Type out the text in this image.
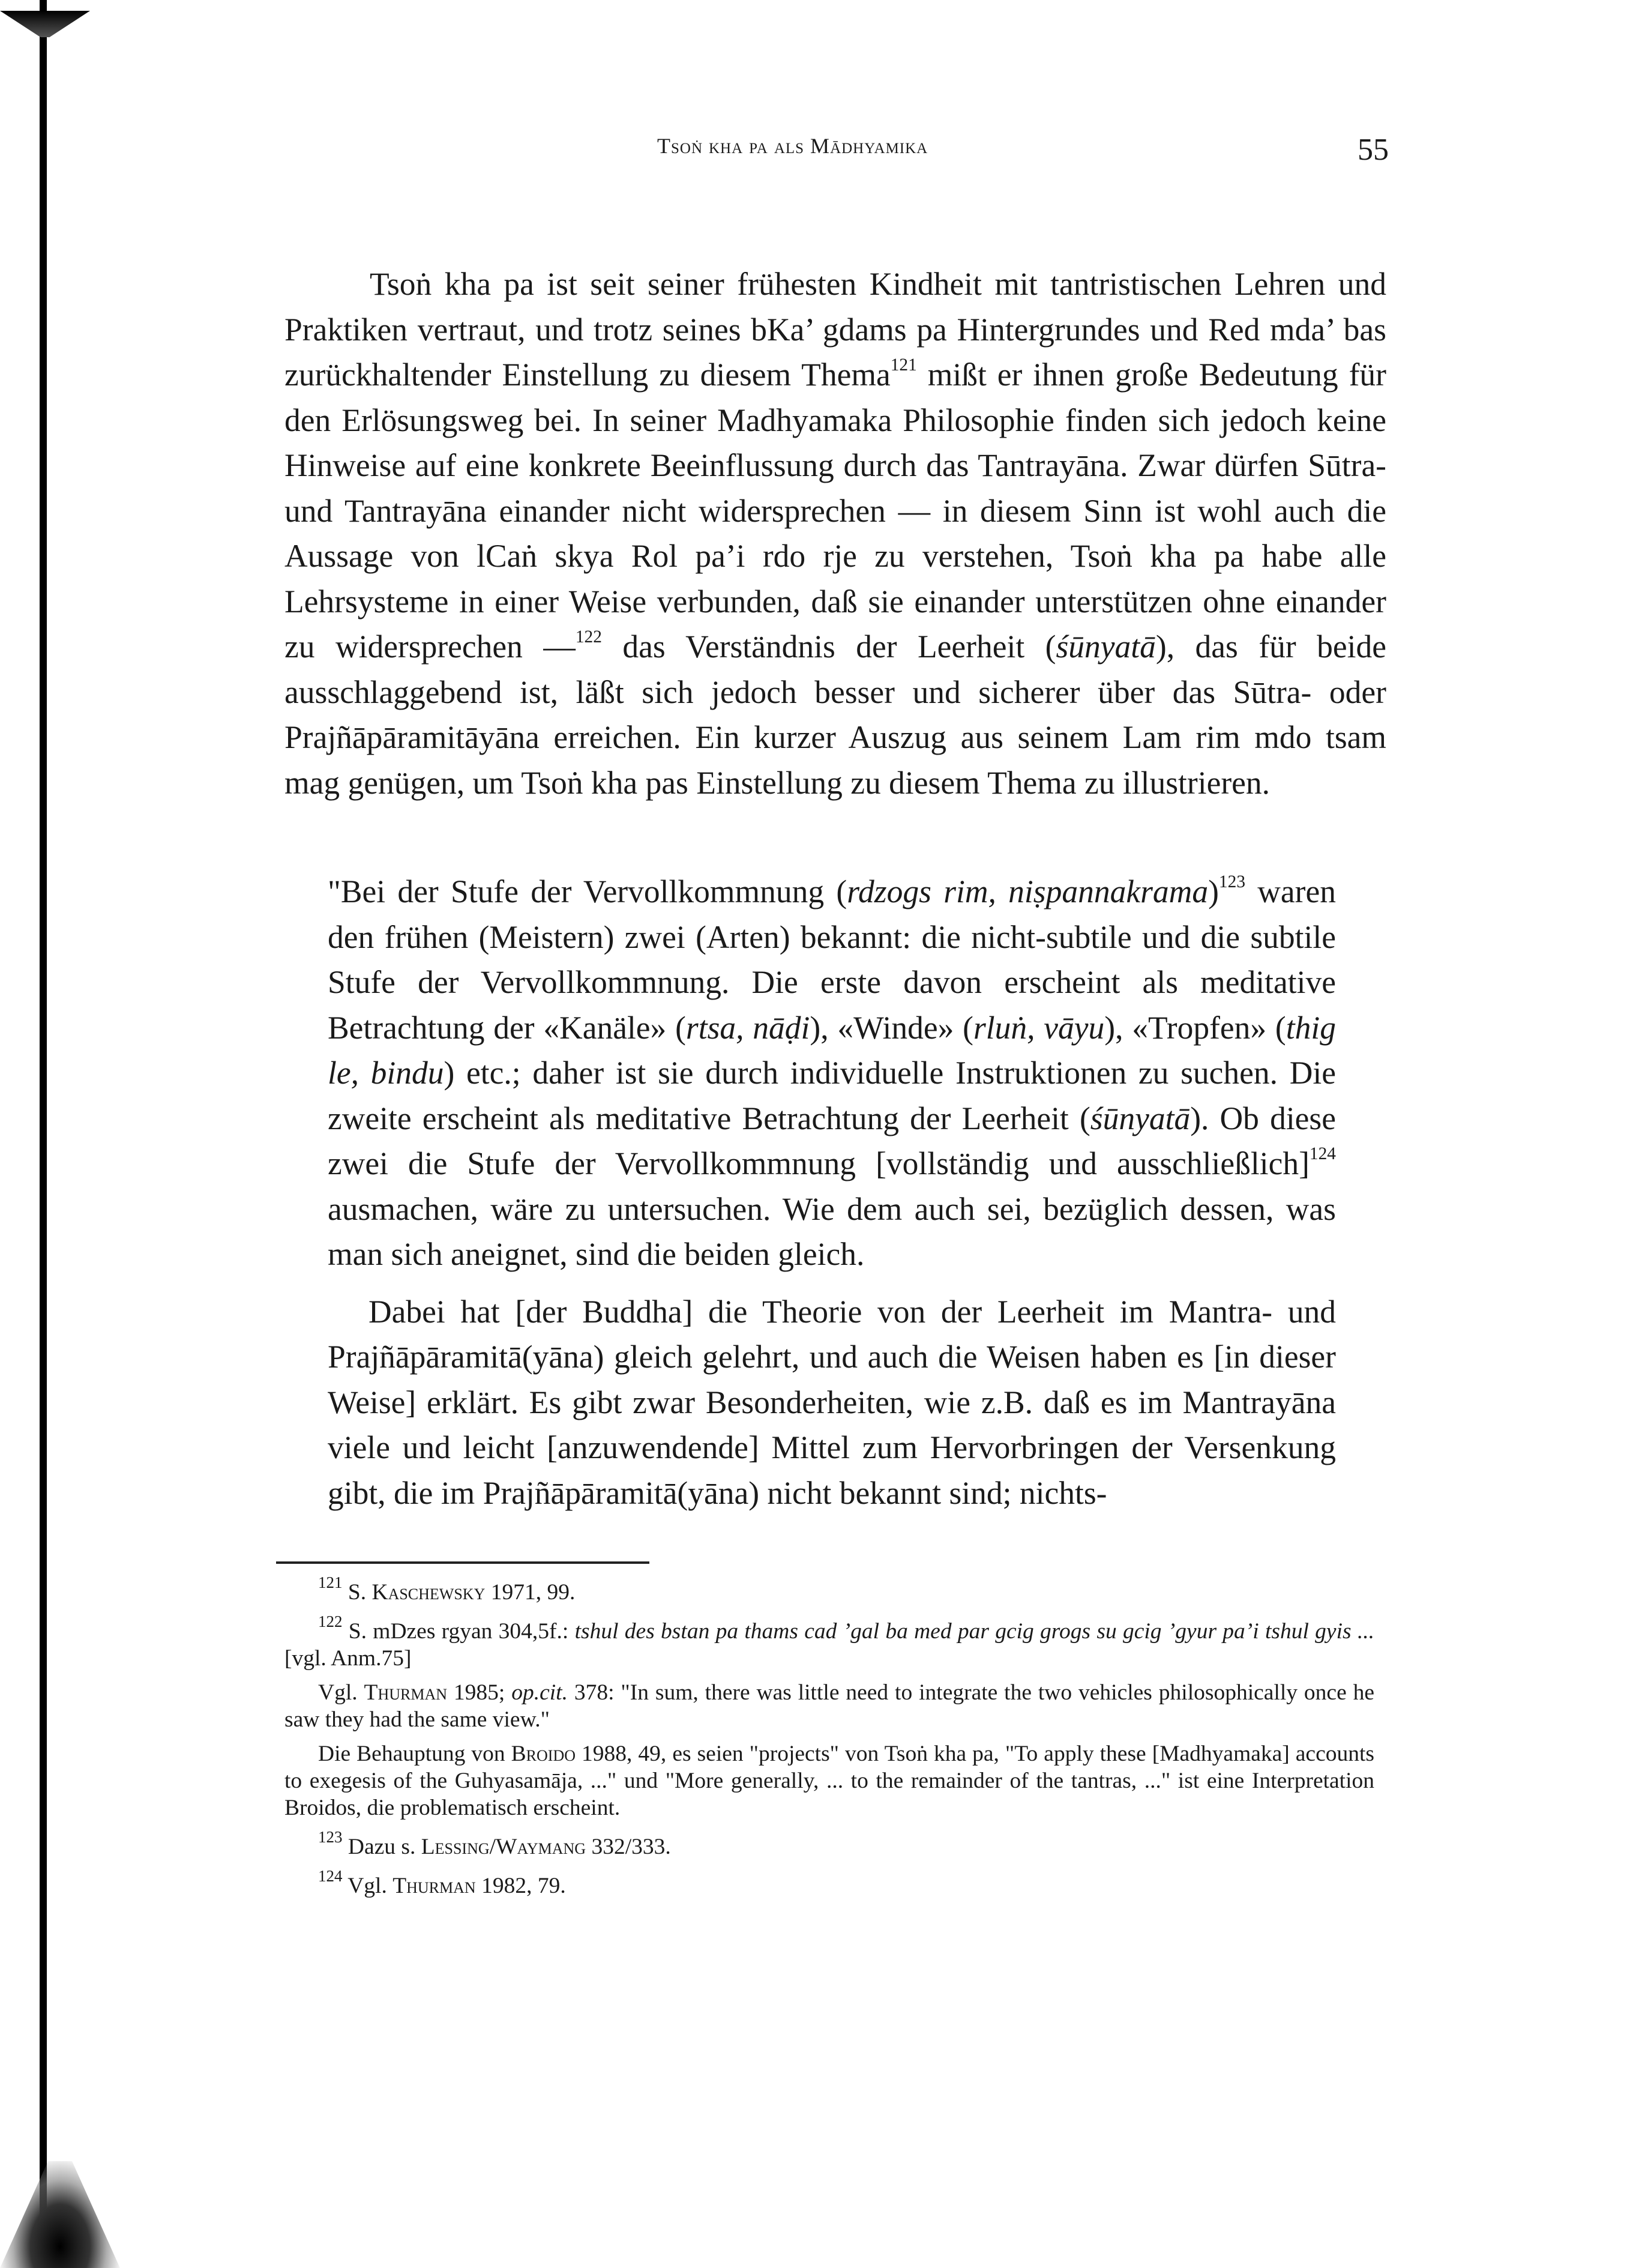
Tsoṅ kha pa als Mādhyamika	55

Tsoṅ kha pa ist seit seiner frühesten Kindheit mit tantristischen Lehren und Praktiken vertraut, und trotz seines bKa’ gdams pa Hintergrundes und Red mda’ bas zurückhaltender Einstellung zu diesem Thema$^{121}$ mißt er ihnen große Bedeutung für den Erlösungsweg bei. In seiner Madhyamaka Philosophie finden sich jedoch keine Hinweise auf eine konkrete Beeinflussung durch das Tantrayāna. Zwar dürfen Sūtra- und Tantrayāna einander nicht widersprechen — in diesem Sinn ist wohl auch die Aussage von lCaṅ skya Rol pa’i rdo rje zu verstehen, Tsoṅ kha pa habe alle Lehrsysteme in einer Weise verbunden, daß sie einander unterstützen ohne einander zu widersprechen —$^{122}$ das Verständnis der Leerheit (śūnyatā), das für beide ausschlaggebend ist, läßt sich jedoch besser und sicherer über das Sūtra- oder Prajñāpāramitāyāna erreichen. Ein kurzer Auszug aus seinem Lam rim mdo tsam mag genügen, um Tsoṅ kha pas Einstellung zu diesem Thema zu illustrieren.

"Bei der Stufe der Vervollkommnung (rdzogs rim, niṣpannakrama)$^{123}$ waren den frühen (Meistern) zwei (Arten) bekannt: die nicht-subtile und die subtile Stufe der Vervollkommnung. Die erste davon erscheint als meditative Betrachtung der «Kanäle» (rtsa, nāḍi), «Winde» (rluṅ, vāyu), «Tropfen» (thig le, bindu) etc.; daher ist sie durch individuelle Instruktionen zu suchen. Die zweite erscheint als meditative Betrachtung der Leerheit (śūnyatā). Ob diese zwei die Stufe der Vervollkommnung [vollständig und ausschließlich]$^{124}$ ausmachen, wäre zu untersuchen. Wie dem auch sei, bezüglich dessen, was man sich aneignet, sind die beiden gleich.

Dabei hat [der Buddha] die Theorie von der Leerheit im Mantra- und Prajñāpāramitā(yāna) gleich gelehrt, und auch die Weisen haben es [in dieser Weise] erklärt. Es gibt zwar Besonderheiten, wie z.B. daß es im Mantrayāna viele und leicht [anzuwendende] Mittel zum Hervorbringen der Versenkung gibt, die im Prajñāpāramitā(yāna) nicht bekannt sind; nichts-

$^{121}$ S. Kaschewsky 1971, 99.

$^{122}$ S. mDzes rgyan 304,5f.: tshul des bstan pa thams cad ’gal ba med par gcig grogs su gcig ’gyur pa’i tshul gyis ... [vgl. Anm.75]

Vgl. Thurman 1985; op.cit. 378: "In sum, there was little need to integrate the two vehicles philosophically once he saw they had the same view."

Die Behauptung von Broido 1988, 49, es seien "projects" von Tsoṅ kha pa, "To apply these [Madhyamaka] accounts to exegesis of the Guhyasamāja, ..." und "More generally, ... to the remainder of the tantras, ..." ist eine Interpretation Broidos, die problematisch erscheint.

$^{123}$ Dazu s. Lessing/Waymang 332/333.

$^{124}$ Vgl. Thurman 1982, 79.
